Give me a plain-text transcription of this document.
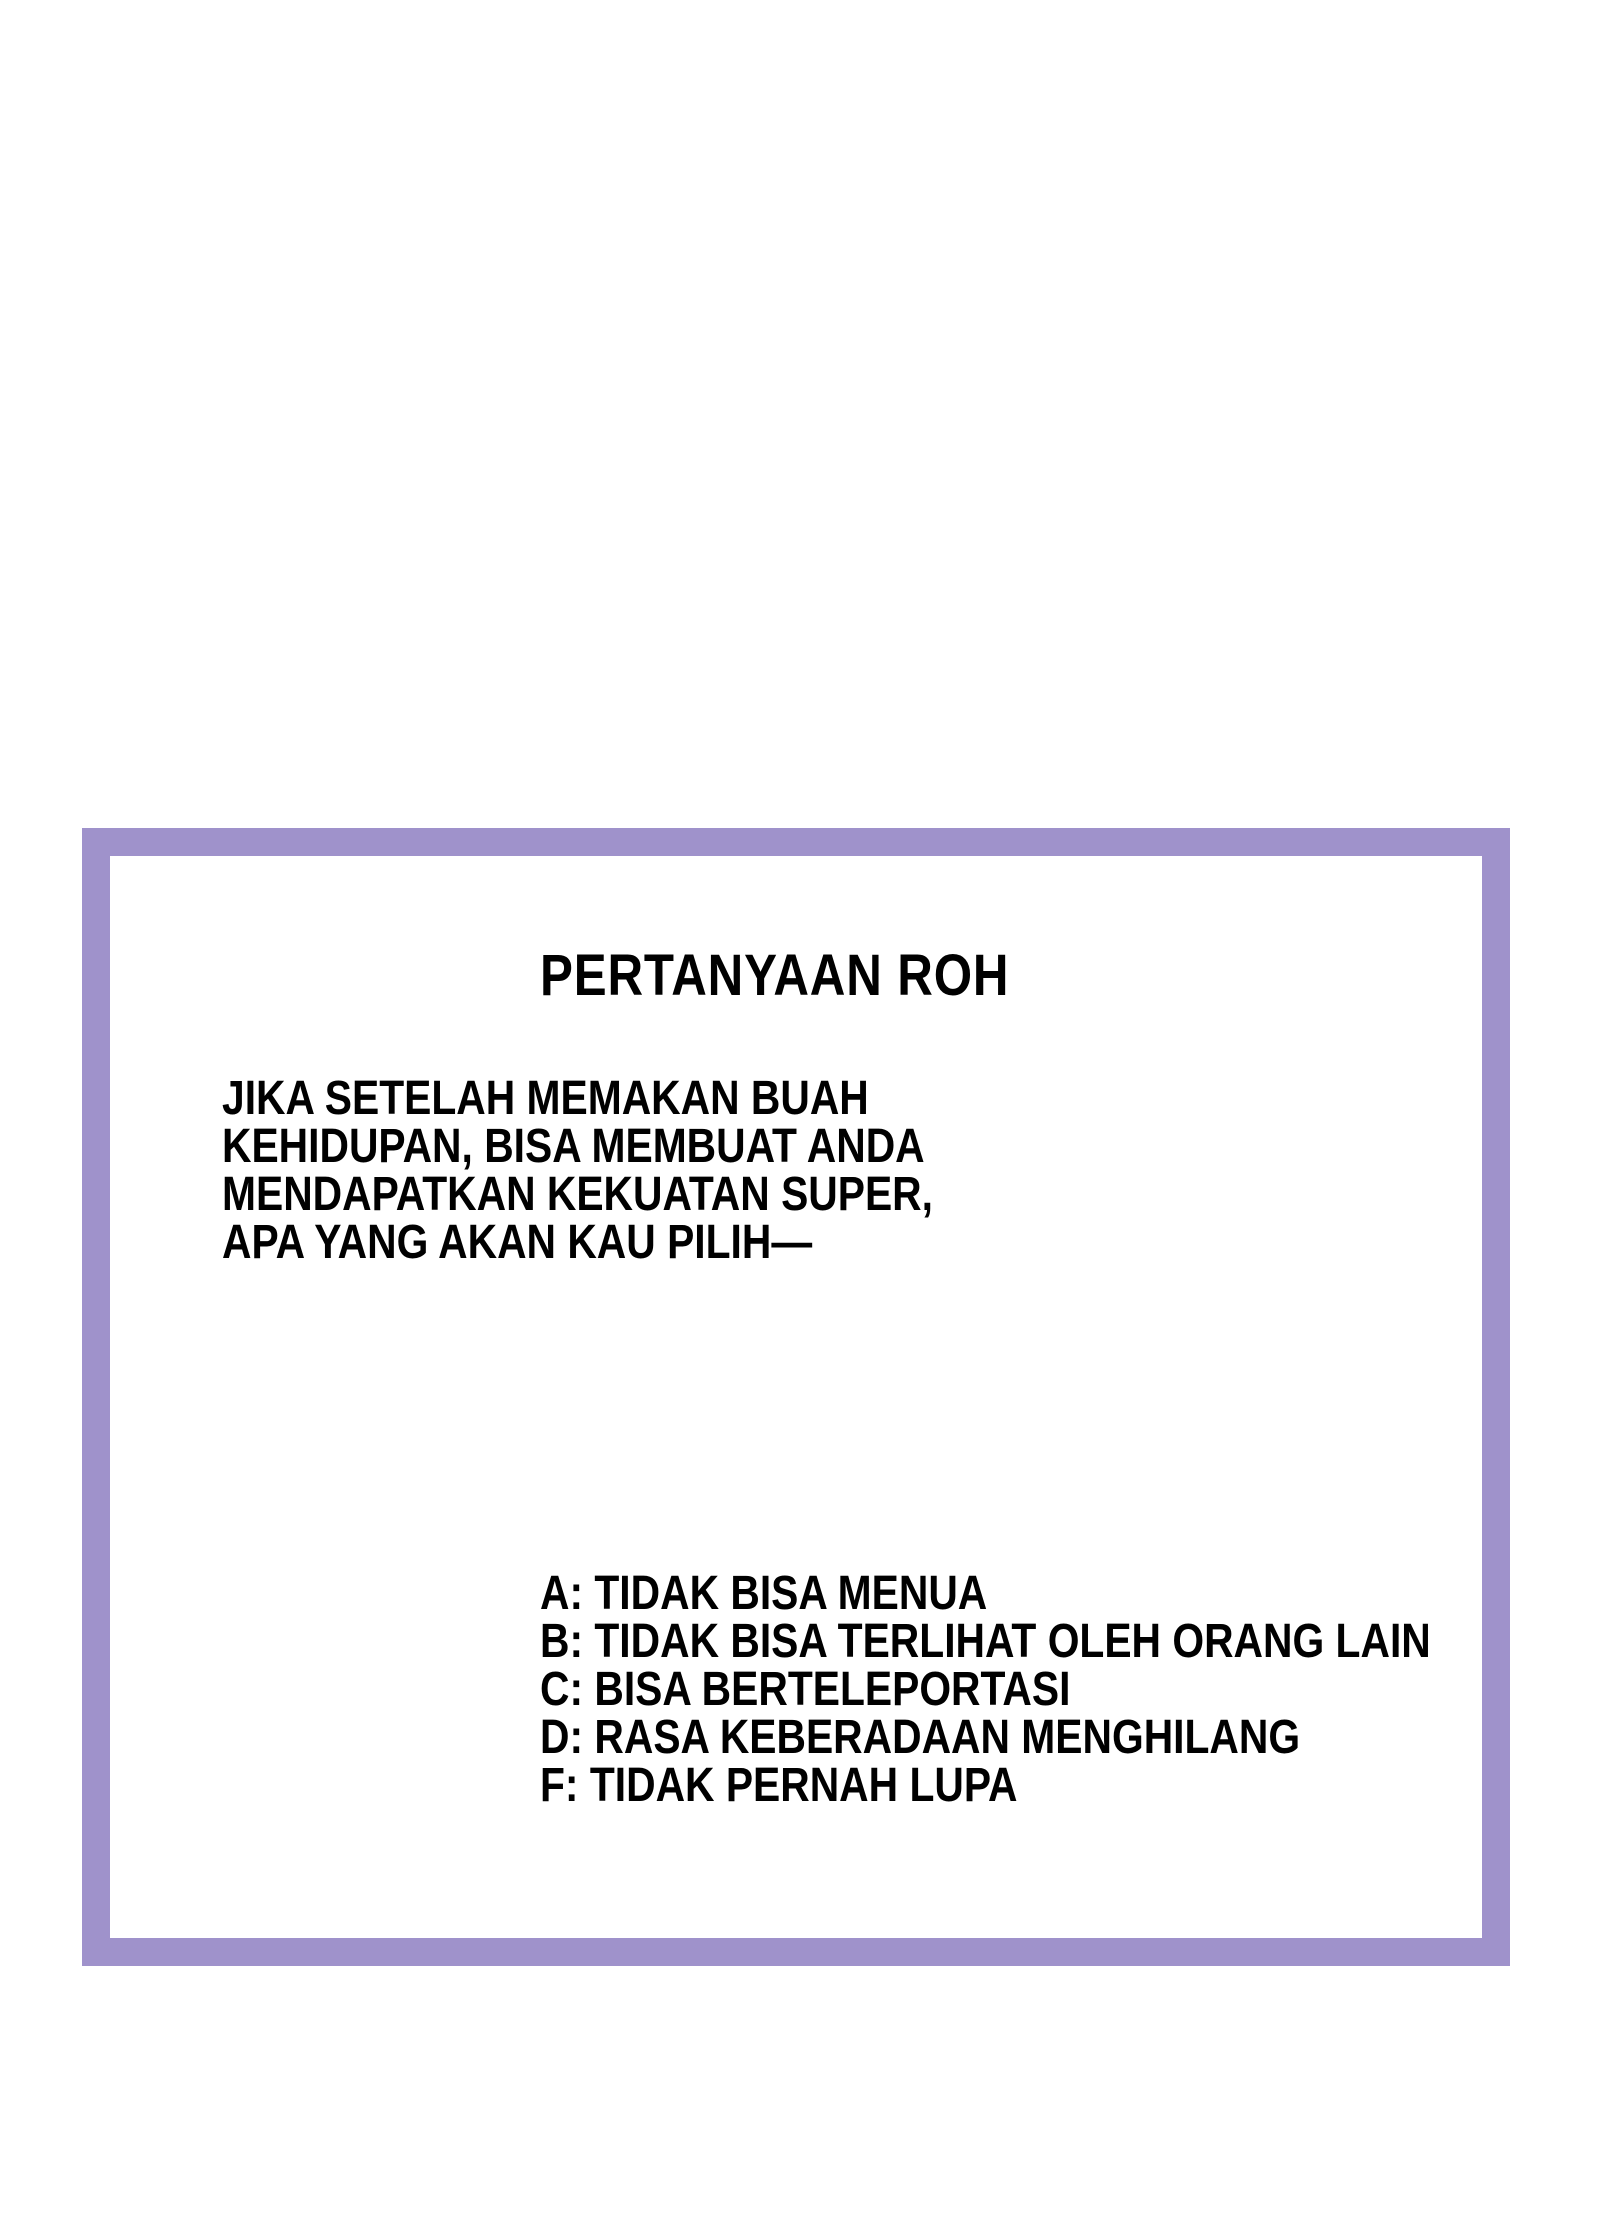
PERTANYAAN ROH

JIKA SETELAH MEMAKAN BUAH
KEHIDUPAN, BISA MEMBUAT ANDA
MENDAPATKAN KEKUATAN SUPER,
APA YANG AKAN KAU PILIH—

A: TIDAK BISA MENUA
B: TIDAK BISA TERLIHAT OLEH ORANG LAIN
C: BISA BERTELEPORTASI
D: RASA KEBERADAAN MENGHILANG
F: TIDAK PERNAH LUPA
